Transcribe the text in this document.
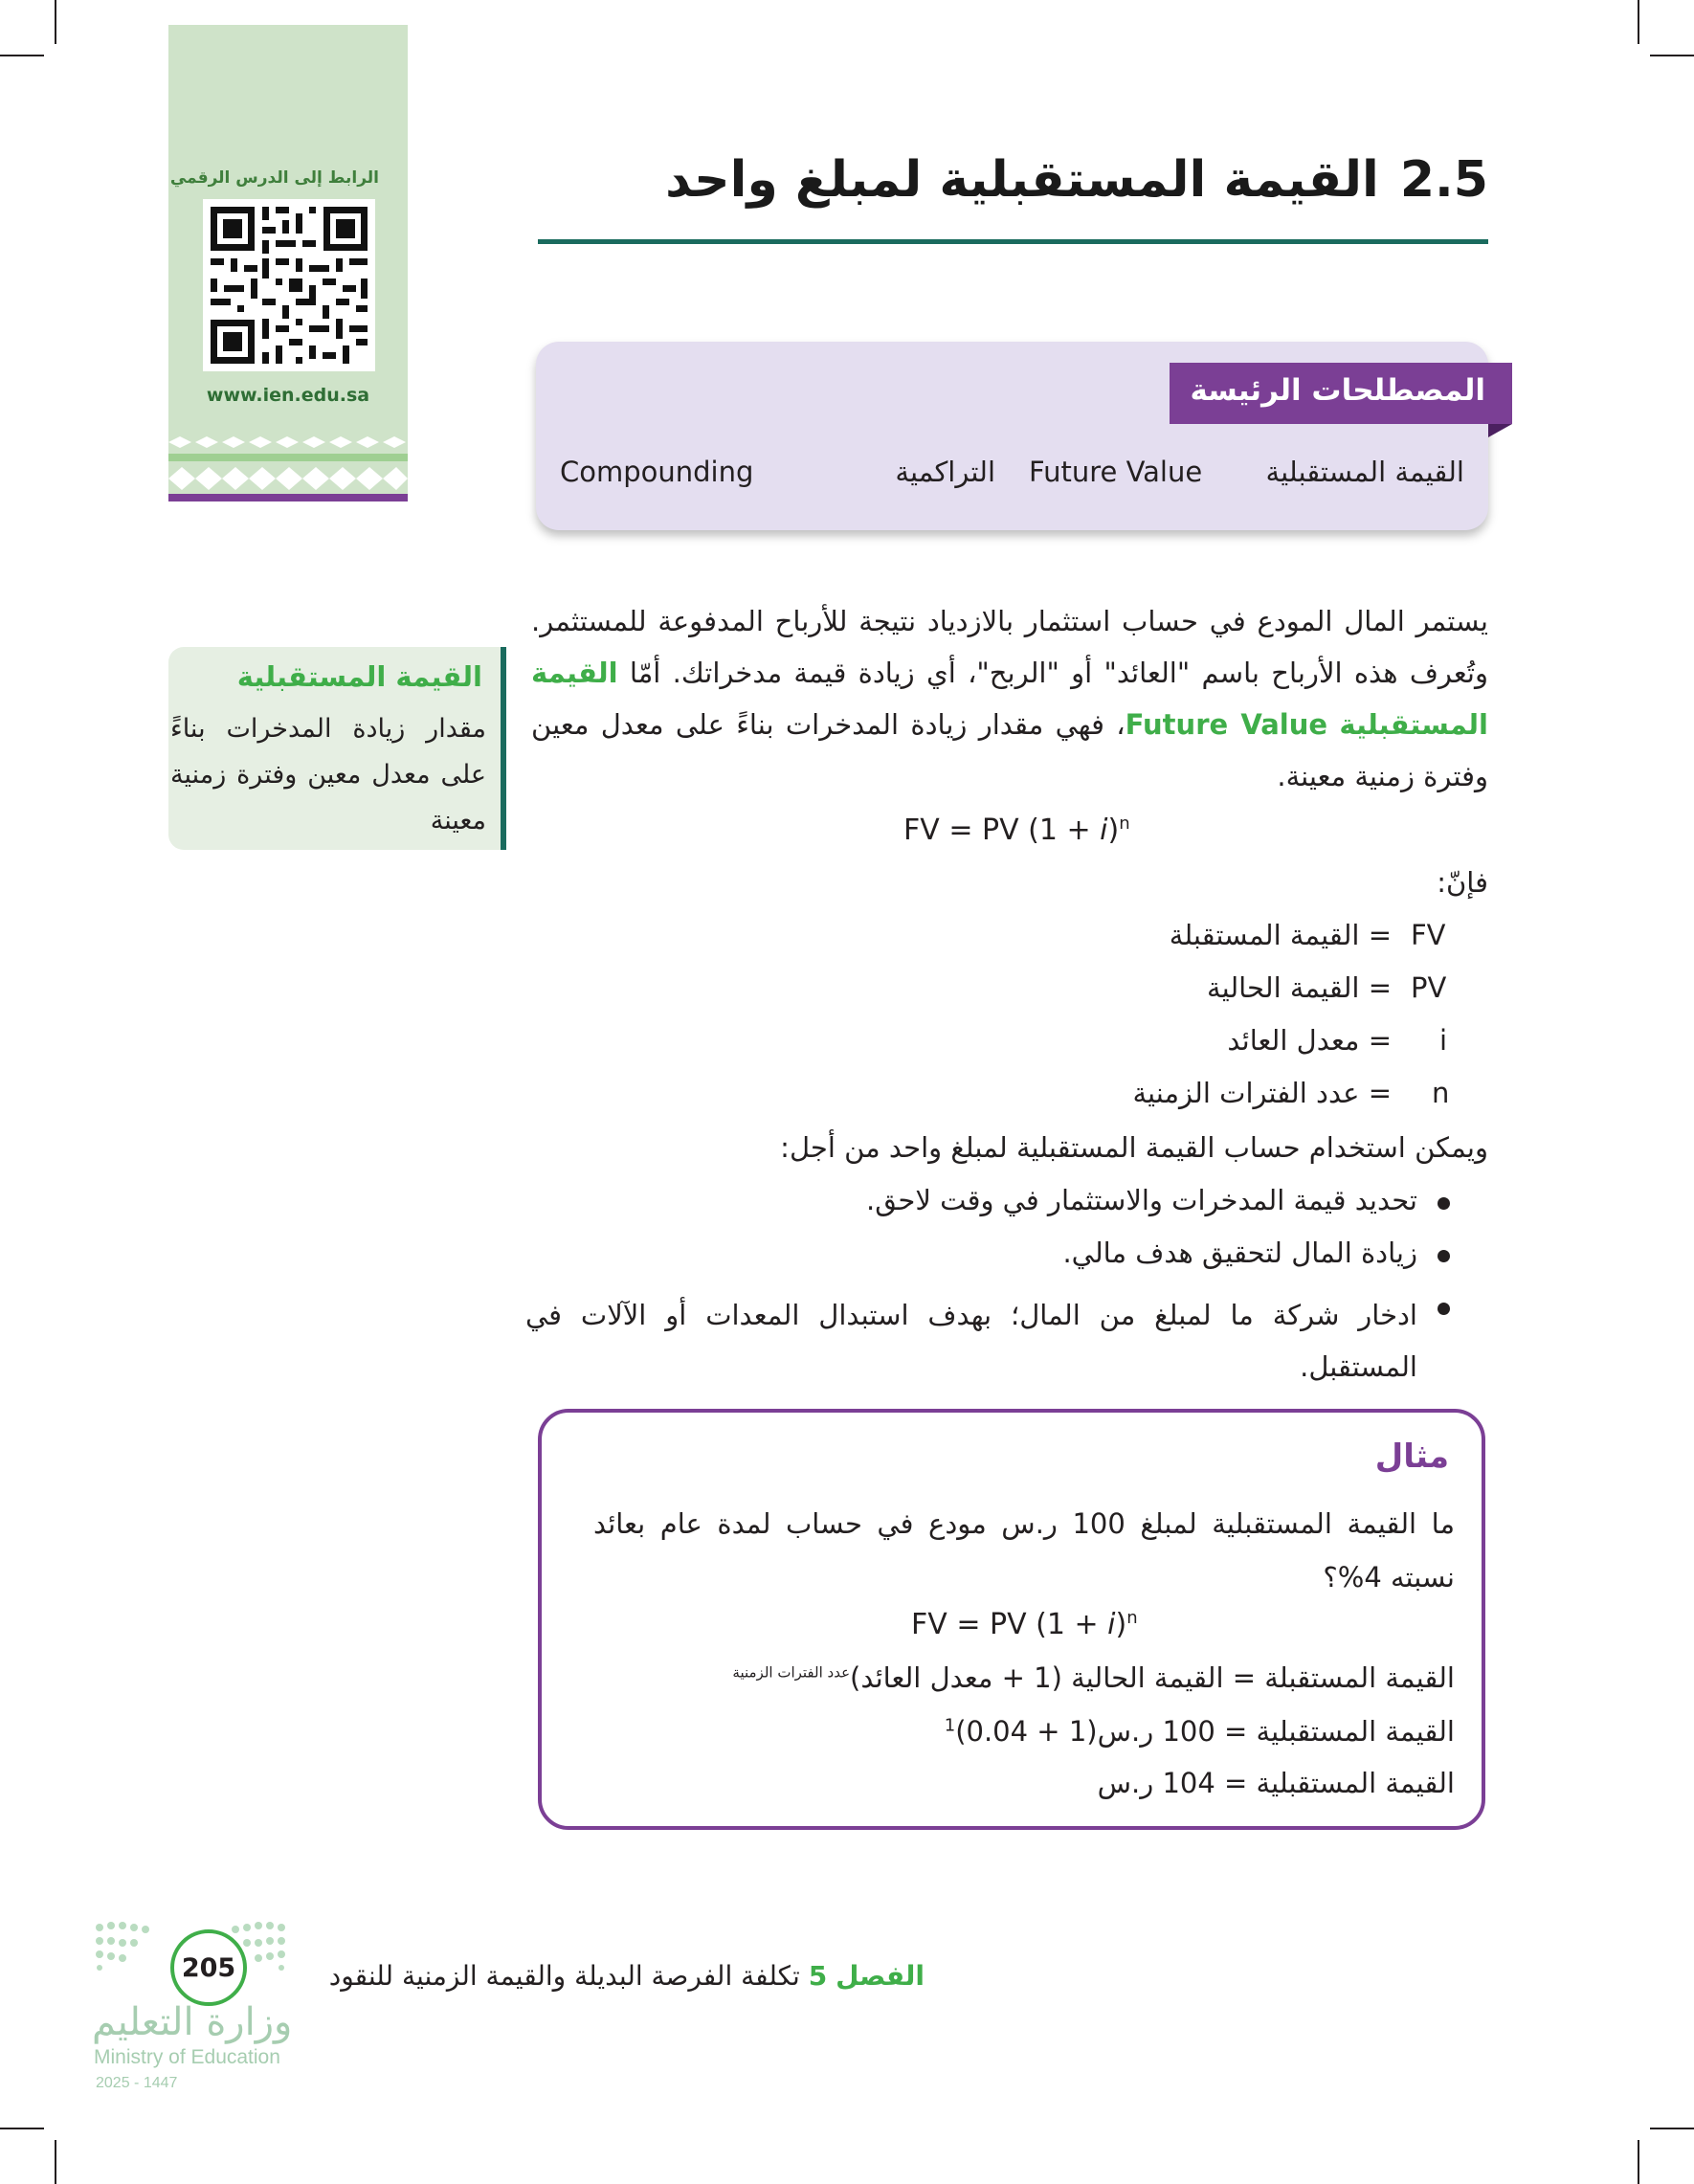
الرابط إلى الدرس الرقمي
www.ien.edu.sa
2.5القيمة المستقبلية لمبلغ واحد
المصطلحات الرئيسة
القيمة المستقبلية
Future Value
التراكمية
Compounding
يستمر المال المودع في حساب استثمار بالازدياد نتيجة للأرباح المدفوعة للمستثمر. وتُعرف هذه الأرباح باسم "العائد" أو "الربح"، أي زيادة قيمة مدخراتك. أمّا القيمة المستقبلية Future Value، فهي مقدار زيادة المدخرات بناءً على معدل معين وفترة زمنية معينة.
القيمة المستقبلية
مقدار زيادة المدخرات بناءً على معدل معين وفترة زمنية معينة	FV = PV $(1 + i)^n$
فإنّ:
FV
= القيمة المستقبلة
PV
= القيمة الحالية
i
= معدل العائد
n
= عدد الفترات الزمنية
ويمكن استخدام حساب القيمة المستقبلية لمبلغ واحد من أجل:
تحديد قيمة المدخرات والاستثمار في وقت لاحق.
زيادة المال لتحقيق هدف مالي.
ادخار شركة ما لمبلغ من المال؛ بهدف استبدال المعدات أو الآلات في المستقبل.
مثال
ما القيمة المستقبلية لمبلغ 100 ر.س مودع في حساب لمدة عام بعائد نسبته 4%؟
FV = PV $(1 + i)^n$
القيمة المستقبلة = القيمة الحالية (1 + معدل العائد)$^{عدد الفترات الزمنية}$
القيمة المستقبلية = 100 ر.س(1 + 0.04)$^1$
القيمة المستقبلية = 104 ر.س
الفصل 5 تكلفة الفرصة البديلة والقيمة الزمنية للنقود
205
وزارة التعليم
Ministry of Education
2025 - 1447
